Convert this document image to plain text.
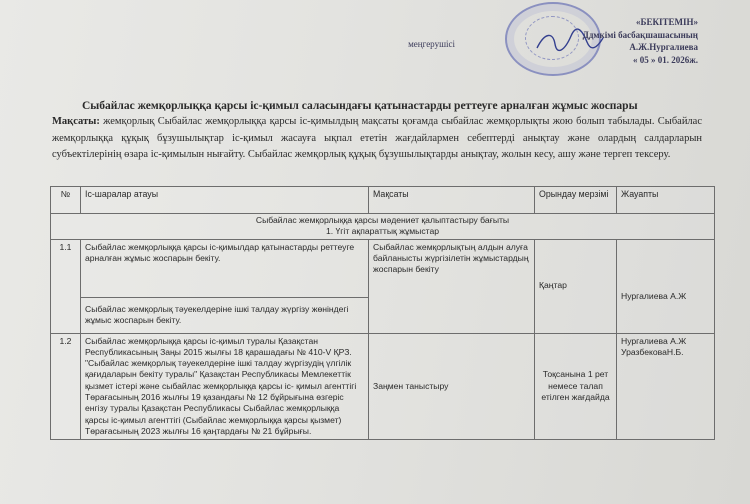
«БЕКІТЕМІН»
Ддмкімі басбақшашасының
А.Ж.Нургалиева
« 05 » 01. 2026ж.
меңгерушісі
Сыбайлас жемқорлыққа қарсы іс-қимыл саласындағы қатынастарды реттеуге арналған жұмыс жоспары
Мақсаты: жемқорлық Сыбайлас жемқорлыққа қарсы іс-қимылдың мақсаты қоғамда сыбайлас жемқорлықты жою болып табылады. Сыбайлас жемқорлыққа құқық бұзушылықтар іс-қимыл жасауға ықпал ететін жағдайлармен себептерді анықтау және олардың салдарларын субъектілерінің өзара іс-қимылын нығайту. Сыбайлас жемқорлық құқық бұзушылықтарды анықтау, жолын кесу, ашу және тергеп тексеру.
№	Іс-шаралар атауы	Мақсаты	Орындау мерзімі	Жауапты

Сыбайлас жемқорлыққа қарсы мәдениет қалыптастыру бағыты
1. Үгіт ақпараттық жұмыстар				

1.1	Сыбайлас жемқорлыққа қарсы іс-қимылдар қатынастарды реттеуге арналған жұмыс жоспарын бекіту.	Сыбайлас жемқорлықтың алдын алуға байланысты жүргізілетін жұмыстардың жоспарын бекіту	Қаңтар	Нургалиева А.Ж
	Сыбайлас жемқорлық тәуекелдеріне ішкі талдау жүргізу жөніндегі жұмыс жоспарын бекіту.			
1.2	Сыбайлас жемқорлыққа қарсы іс-қимыл туралы Қазақстан Республикасының Заңы 2015 жылғы 18 қарашадағы № 410-V ҚРЗ. "Сыбайлас жемқорлық тәуекелдеріне ішкі талдау жүргізудің үлгілік қағидаларын бекіту туралы" Қазақстан Республикасы Мемлекеттік қызмет істері және сыбайлас жемқорлыққа қарсы іс- қимыл агенттігі Төрағасының 2016 жылғы 19 қазандағы № 12 бұйрығына өзгеріс енгізу туралы Қазақстан Республикасы Сыбайлас жемқорлыққа қарсы іс-қимыл агенттігі (Сыбайлас жемқорлыққа қарсы қызмет) Төрағасының 2023 жылғы 16 қаңтардағы № 21 бұйрығы.	Заңмен таныстыру	Тоқсанына 1 рет немесе талап етілген жағдайда	Нургалиева А.Ж УразбековаН.Б.
